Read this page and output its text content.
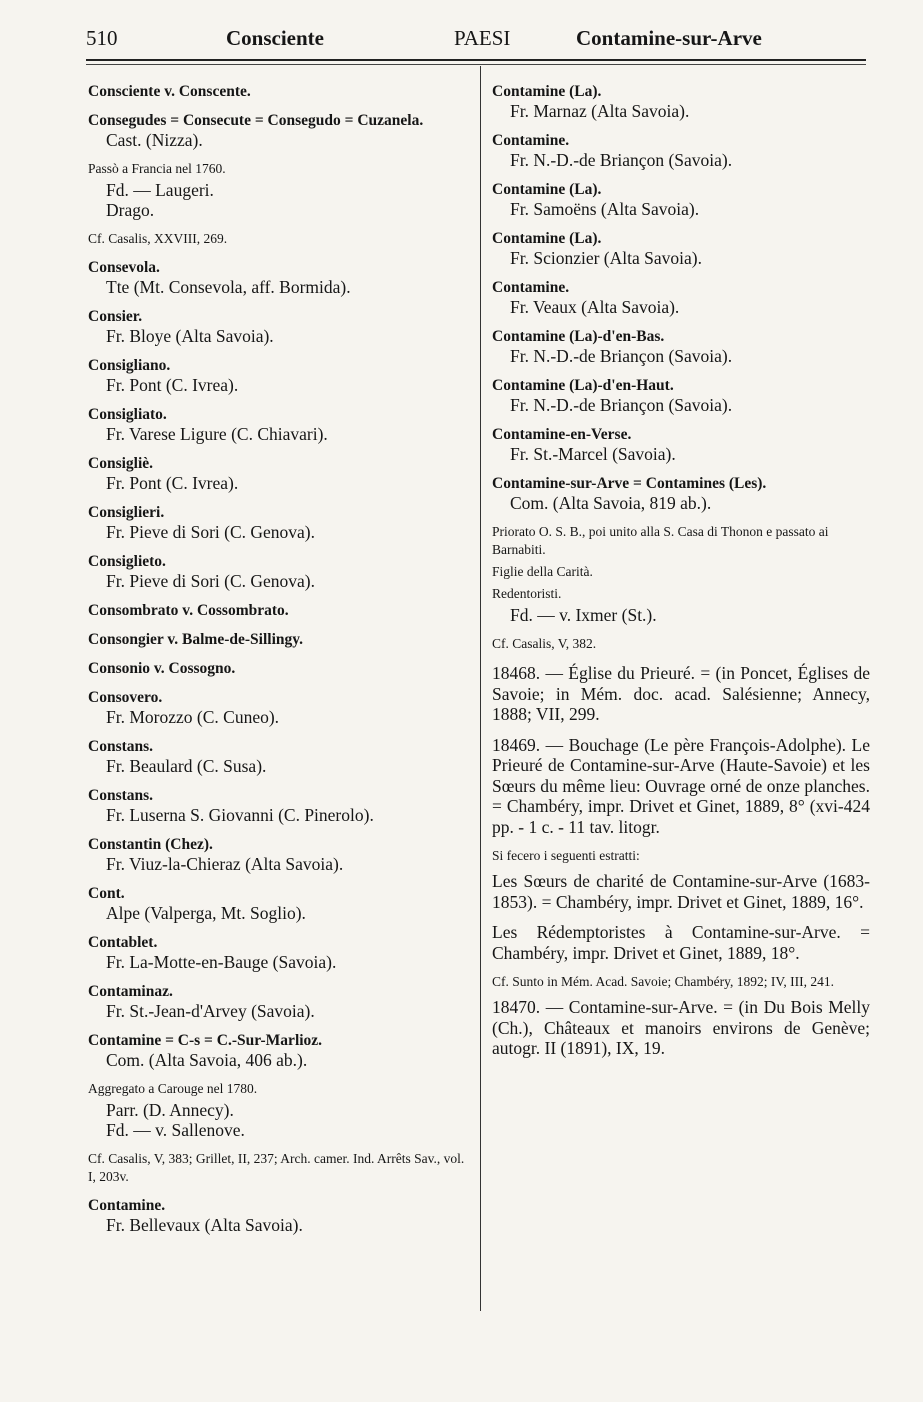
510	Consciente	PAESI	Contamine-sur-Arve
Consciente v. Conscente.
Consegudes = Consecute = Consegudo = Cuzanela.
Cast. (Nizza).
Passò a Francia nel 1760.
Fd. — Laugeri.
Drago.
Cf. Casalis, XXVIII, 269.
Consevola.
Tte (Mt. Consevola, aff. Bormida).
Consier.
Fr. Bloye (Alta Savoia).
Consigliano.
Fr. Pont (C. Ivrea).
Consigliato.
Fr. Varese Ligure (C. Chiavari).
Consigliè.
Fr. Pont (C. Ivrea).
Consiglieri.
Fr. Pieve di Sori (C. Genova).
Consiglieto.
Fr. Pieve di Sori (C. Genova).
Consombrato v. Cossombrato.
Consongier v. Balme-de-Sillingy.
Consonio v. Cossogno.
Consovero.
Fr. Morozzo (C. Cuneo).
Constans.
Fr. Beaulard (C. Susa).
Constans.
Fr. Luserna S. Giovanni (C. Pinerolo).
Constantin (Chez).
Fr. Viuz-la-Chieraz (Alta Savoia).
Cont.
Alpe (Valperga, Mt. Soglio).
Contablet.
Fr. La-Motte-en-Bauge (Savoia).
Contaminaz.
Fr. St.-Jean-d'Arvey (Savoia).
Contamine = C-s = C.-Sur-Marlioz.
Com. (Alta Savoia, 406 ab.).
Aggregato a Carouge nel 1780.
Parr. (D. Annecy).
Fd. — v. Sallenove.
Cf. Casalis, V, 383; Grillet, II, 237; Arch. camer. Ind. Arrêts Sav., vol. I, 203v.
Contamine.
Fr. Bellevaux (Alta Savoia).
Contamine (La).
Fr. Marnaz (Alta Savoia).
Contamine.
Fr. N.-D.-de Briançon (Savoia).
Contamine (La).
Fr. Samoëns (Alta Savoia).
Contamine (La).
Fr. Scionzier (Alta Savoia).
Contamine.
Fr. Veaux (Alta Savoia).
Contamine (La)-d'en-Bas.
Fr. N.-D.-de Briançon (Savoia).
Contamine (La)-d'en-Haut.
Fr. N.-D.-de Briançon (Savoia).
Contamine-en-Verse.
Fr. St.-Marcel (Savoia).
Contamine-sur-Arve = Contamines (Les).
Com. (Alta Savoia, 819 ab.).
Priorato O. S. B., poi unito alla S. Casa di Thonon e passato ai Barnabiti.
Figlie della Carità.
Redentoristi.
Fd. — v. Ixmer (St.).
Cf. Casalis, V, 382.
18468. — Église du Prieuré. = (in Poncet, Églises de Savoie; in Mém. doc. acad. Salésienne; Annecy, 1888; VII, 299.
18469. — Bouchage (Le père François-Adolphe). Le Prieuré de Contamine-sur-Arve (Haute-Savoie) et les Sœurs du même lieu: Ouvrage orné de onze planches. = Chambéry, impr. Drivet et Ginet, 1889, 8° (xvi-424 pp. - 1 c. - 11 tav. litogr.
Si fecero i seguenti estratti:
Les Sœurs de charité de Contamine-sur-Arve (1683-1853). = Chambéry, impr. Drivet et Ginet, 1889, 16°.
Les Rédemptoristes à Contamine-sur-Arve. = Chambéry, impr. Drivet et Ginet, 1889, 18°.
Cf. Sunto in Mém. Acad. Savoie; Chambéry, 1892; IV, III, 241.
18470. — Contamine-sur-Arve. = (in Du Bois Melly (Ch.), Châteaux et manoirs environs de Genève; autogr. II (1891), IX, 19.
